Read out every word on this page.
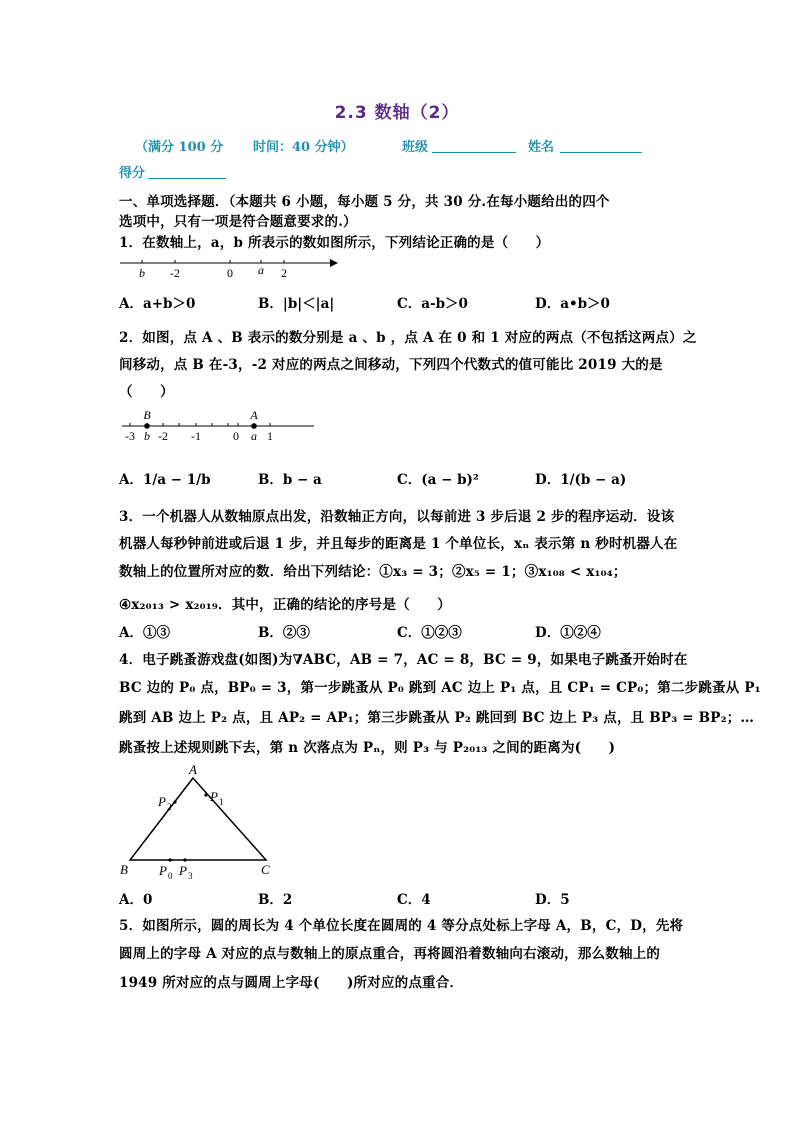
2.3 数轴（2）
（满分 100 分 时间：40 分钟）	班级	姓名
得分
一、单项选择题．（本题共 6 小题，每小题 5 分，共 30 分.在每小题给出的四个
选项中，只有一项是符合题意要求的.）
1．在数轴上，a，b 所表示的数如图所示，下列结论正确的是（　　）
b -2	0 a 2
A．a+b＞0	B．|b|＜|a|	C．a-b＞0	D．a•b＞0
2．如图，点 A 、B 表示的数分别是 a 、b ，点 A 在 0 和 1 对应的两点（不包括这两点）之
间移动，点 B 在-3，-2 对应的两点之间移动，下列四个代数式的值可能比 2019 大的是
（　　）
B	A
-3 b -2 -1	0 a 1
A．1/a − 1/b	B．b − a	C．(a − b)²	D．1/(b − a)
3．一个机器人从数轴原点出发，沿数轴正方向，以每前进 3 步后退 2 步的程序运动．设该
机器人每秒钟前进或后退 1 步，并且每步的距离是 1 个单位长，xₙ 表示第 n 秒时机器人在
数轴上的位置所对应的数．给出下列结论：①x₃ = 3；②x₅ = 1；③x₁₀₈ < x₁₀₄；
④x₂₀₁₃ > x₂₀₁₉．其中，正确的结论的序号是（　　）
A．①③	B．②③	C．①②③	D．①②④
4．电子跳蚤游戏盘(如图)为∇ABC，AB = 7，AC = 8，BC = 9，如果电子跳蚤开始时在
BC 边的 P₀ 点，BP₀ = 3，第一步跳蚤从 P₀ 跳到 AC 边上 P₁ 点，且 CP₁ = CP₀；第二步跳蚤从 P₁
跳到 AB 边上 P₂ 点，且 AP₂ = AP₁；第三步跳蚤从 P₂ 跳回到 BC 边上 P₃ 点，且 BP₃ = BP₂；…
跳蚤按上述规则跳下去，第 n 次落点为 Pₙ，则 P₃ 与 P₂₀₁₃ 之间的距离为(　　)
A
P 2
P 1
B P 0 P 3	C
A．0	B．2	C．4	D．5
5．如图所示，圆的周长为 4 个单位长度在圆周的 4 等分点处标上字母 A，B，C，D，先将
圆周上的字母 A 对应的点与数轴上的原点重合，再将圆沿着数轴向右滚动，那么数轴上的
1949 所对应的点与圆周上字母(　　)所对应的点重合．
